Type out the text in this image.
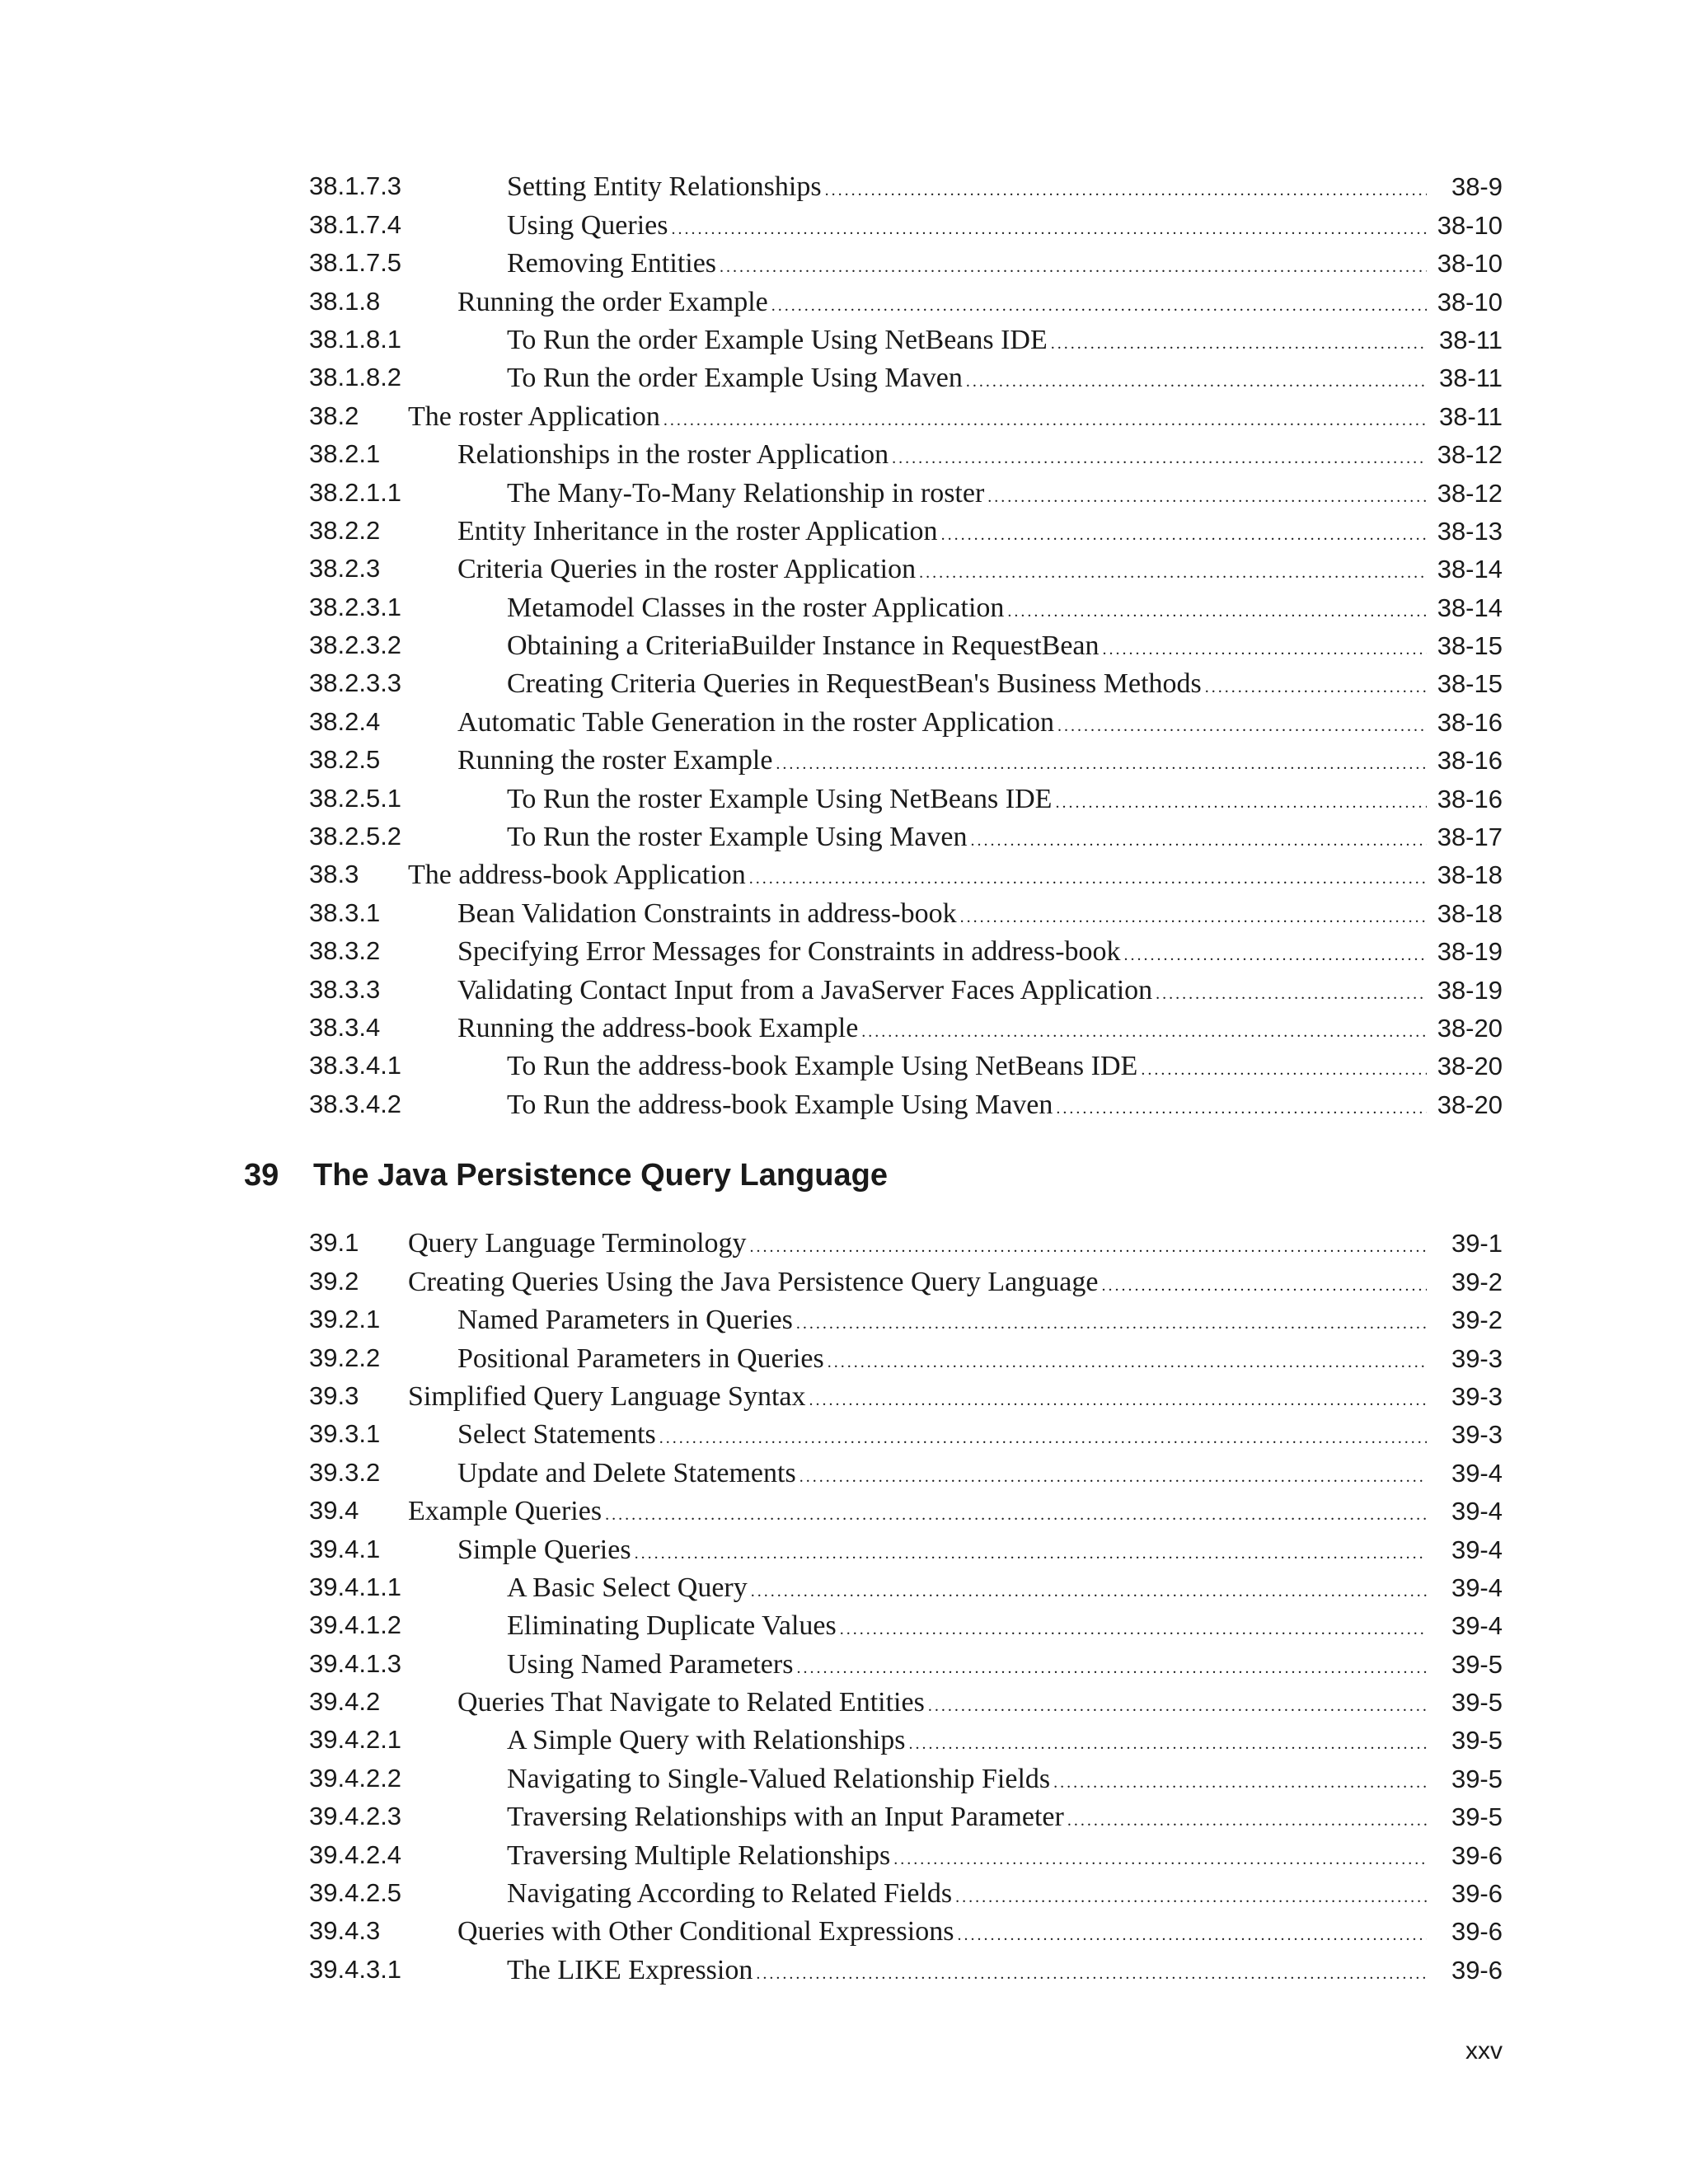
38.1.7.3	Setting Entity Relationships .....	38-9
38.1.7.4	Using Queries .....	38-10
38.1.7.5	Removing Entities .....	38-10
38.1.8	Running the order Example .....	38-10
38.1.8.1	To Run the order Example Using NetBeans IDE .....	38-11
38.1.8.2	To Run the order Example Using Maven .....	38-11
38.2 The roster Application .....	38-11
38.2.1	Relationships in the roster Application .....	38-12
38.2.1.1	The Many-To-Many Relationship in roster .....	38-12
38.2.2	Entity Inheritance in the roster Application .....	38-13
38.2.3	Criteria Queries in the roster Application .....	38-14
38.2.3.1	Metamodel Classes in the roster Application .....	38-14
38.2.3.2	Obtaining a CriteriaBuilder Instance in RequestBean .....	38-15
38.2.3.3	Creating Criteria Queries in RequestBean's Business Methods .....	38-15
38.2.4	Automatic Table Generation in the roster Application .....	38-16
38.2.5	Running the roster Example .....	38-16
38.2.5.1	To Run the roster Example Using NetBeans IDE .....	38-16
38.2.5.2	To Run the roster Example Using Maven .....	38-17
38.3 The address-book Application .....	38-18
38.3.1	Bean Validation Constraints in address-book .....	38-18
38.3.2	Specifying Error Messages for Constraints in address-book .....	38-19
38.3.3	Validating Contact Input from a JavaServer Faces Application .....	38-19
38.3.4	Running the address-book Example .....	38-20
38.3.4.1	To Run the address-book Example Using NetBeans IDE .....	38-20
38.3.4.2	To Run the address-book Example Using Maven .....	38-20
39 The Java Persistence Query Language
39.1 Query Language Terminology .....	39-1
39.2 Creating Queries Using the Java Persistence Query Language .....	39-2
39.2.1	Named Parameters in Queries .....	39-2
39.2.2	Positional Parameters in Queries .....	39-3
39.3 Simplified Query Language Syntax .....	39-3
39.3.1	Select Statements .....	39-3
39.3.2	Update and Delete Statements .....	39-4
39.4 Example Queries .....	39-4
39.4.1	Simple Queries .....	39-4
39.4.1.1	A Basic Select Query .....	39-4
39.4.1.2	Eliminating Duplicate Values .....	39-4
39.4.1.3	Using Named Parameters .....	39-5
39.4.2	Queries That Navigate to Related Entities .....	39-5
39.4.2.1	A Simple Query with Relationships .....	39-5
39.4.2.2	Navigating to Single-Valued Relationship Fields .....	39-5
39.4.2.3	Traversing Relationships with an Input Parameter .....	39-5
39.4.2.4	Traversing Multiple Relationships .....	39-6
39.4.2.5	Navigating According to Related Fields .....	39-6
39.4.3	Queries with Other Conditional Expressions .....	39-6
39.4.3.1	The LIKE Expression .....	39-6
xxv
